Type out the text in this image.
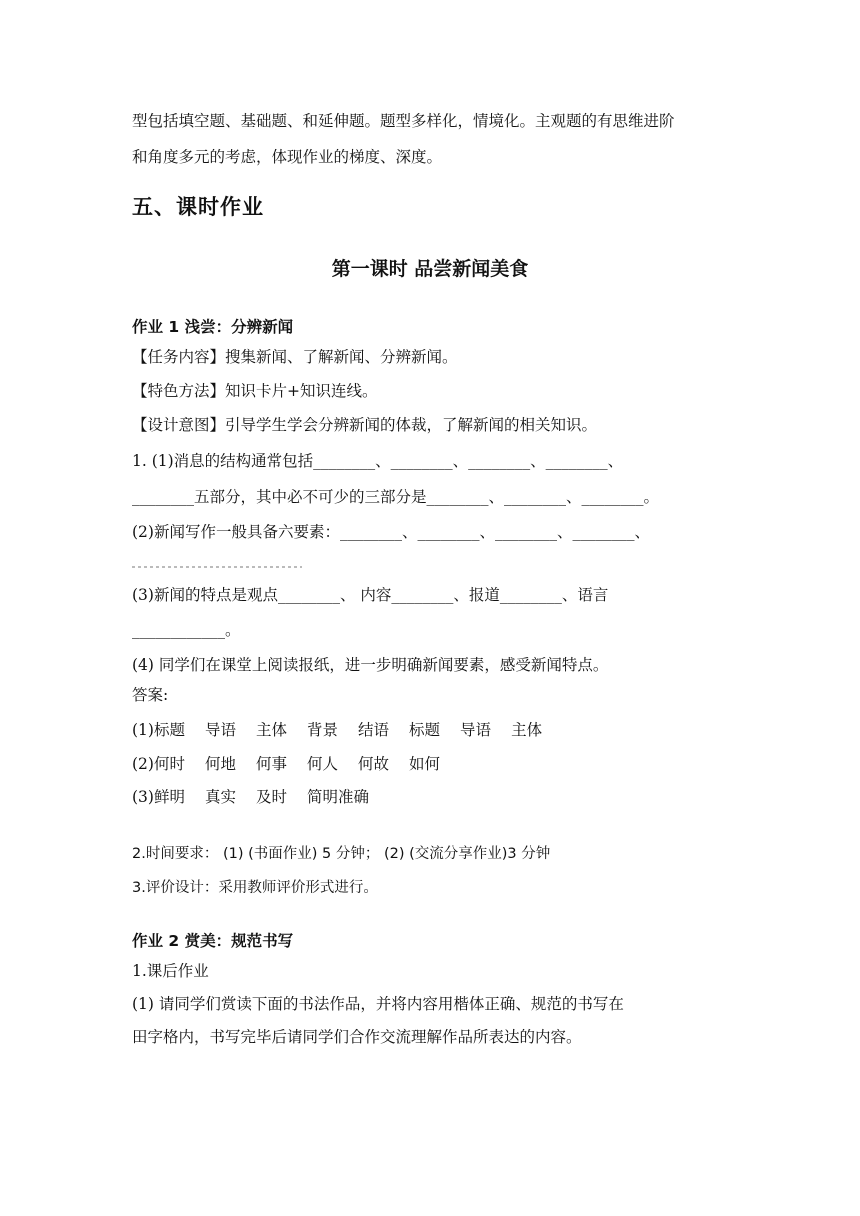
型包括填空题、基础题、和延伸题。题型多样化，情境化。主观题的有思维进阶
和角度多元的考虑，体现作业的梯度、深度。
五、课时作业
第一课时 品尝新闻美食
作业 1 浅尝：分辨新闻
【任务内容】搜集新闻、了解新闻、分辨新闻。
【特色方法】知识卡片+知识连线。
【设计意图】引导学生学会分辨新闻的体裁，了解新闻的相关知识。
1. (1)消息的结构通常包括________、________、________、________、
________五部分，其中必不可少的三部分是________、________、________。
(2)新闻写作一般具备六要素：________、________、________、________、
(3)新闻的特点是观点________、 内容________、报道________、语言
____________。
(4) 同学们在课堂上阅读报纸，进一步明确新闻要素，感受新闻特点。
答案:
(1)标题 导语 主体 背景 结语 标题 导语 主体
(2)何时 何地 何事 何人 何故 如何
(3)鲜明 真实 及时 简明准确
2.时间要求： (1) (书面作业) 5 分钟； (2) (交流分享作业)3 分钟
3.评价设计：采用教师评价形式进行。
作业 2 赏美：规范书写
1.课后作业
(1) 请同学们赏读下面的书法作品，并将内容用楷体正确、规范的书写在
田字格内，书写完毕后请同学们合作交流理解作品所表达的内容。
